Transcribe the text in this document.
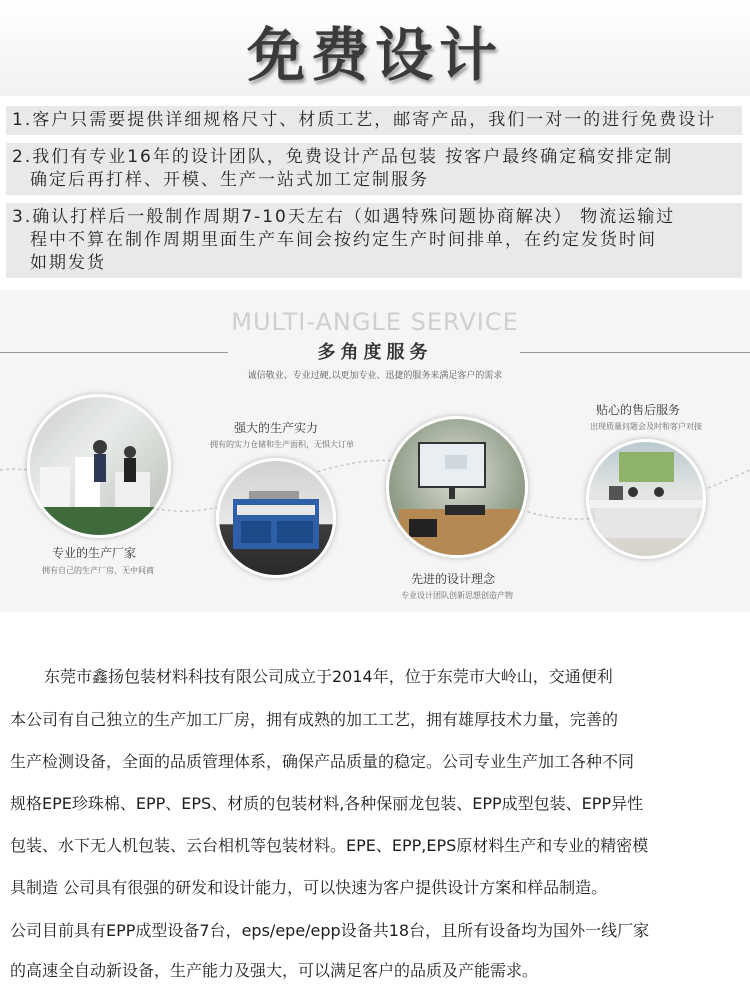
免费设计
1.客户只需要提供详细规格尺寸、材质工艺，邮寄产品，我们一对一的进行免费设计
2.我们有专业16年的设计团队，免费设计产品包装 按客户最终确定稿安排定制
确定后再打样、开模、生产一站式加工定制服务
3.确认打样后一般制作周期7-10天左右（如遇特殊问题协商解决） 物流运输过
程中不算在制作周期里面生产车间会按约定生产时间排单，在约定发货时间
如期发货
MULTI-ANGLE SERVICE
多角度服务
诚信敬业、专业过硬,以更加专业、迅捷的服务来满足客户的需求
专业的生产厂家
拥有自己的生产厂房，无中间商
强大的生产实力
拥有的实力仓储和生产面积，无惧大订单
先进的设计理念
专业设计团队创新思想创造产物
贴心的售后服务
出现质量问题会及时和客户对接
东莞市鑫扬包装材料科技有限公司成立于2014年，位于东莞市大岭山，交通便利
本公司有自己独立的生产加工厂房，拥有成熟的加工工艺，拥有雄厚技术力量，完善的
生产检测设备，全面的品质管理体系，确保产品质量的稳定。公司专业生产加工各种不同
规格EPE珍珠棉、EPP、EPS、材质的包装材料,各种保丽龙包装、EPP成型包装、EPP异性
包装、水下无人机包装、云台相机等包装材料。EPE、EPP,EPS原材料生产和专业的精密模
具制造 公司具有很强的研发和设计能力，可以快速为客户提供设计方案和样品制造。
公司目前具有EPP成型设备7台，eps/epe/epp设备共18台，且所有设备均为国外一线厂家
的高速全自动新设备，生产能力及强大，可以满足客户的品质及产能需求。
